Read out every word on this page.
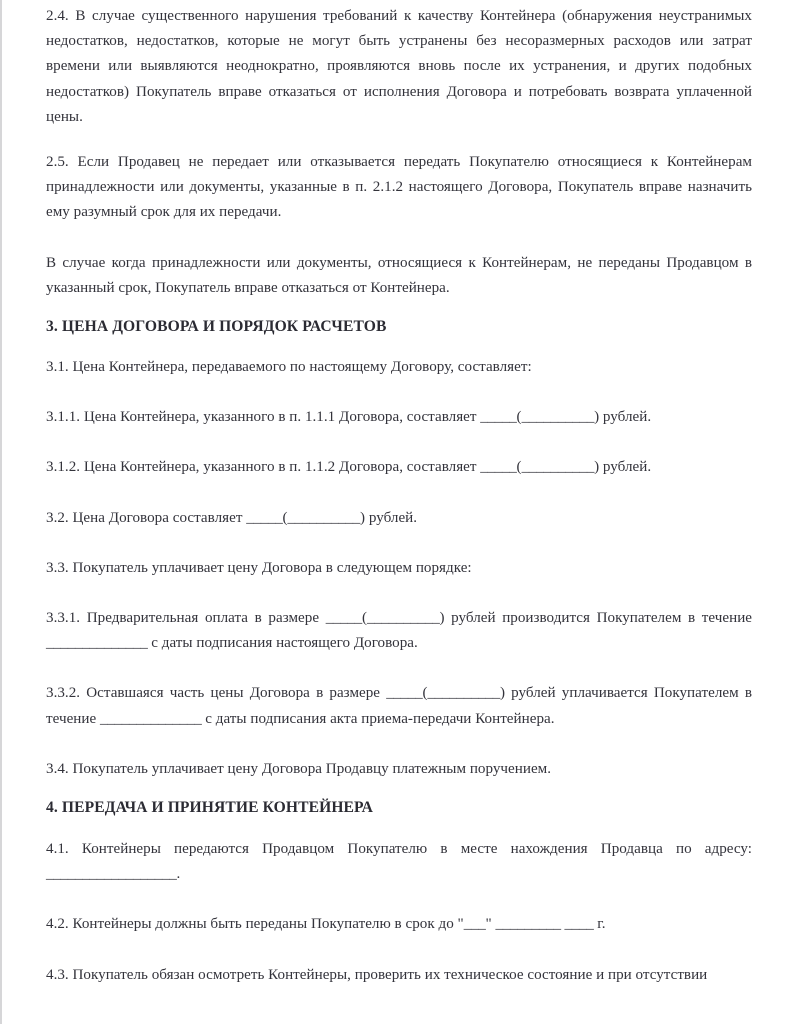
2.4. В случае существенного нарушения требований к качеству Контейнера (обнаружения неустранимых недостатков, недостатков, которые не могут быть устранены без несоразмерных расходов или затрат времени или выявляются неоднократно, проявляются вновь после их устранения, и других подобных недостатков) Покупатель вправе отказаться от исполнения Договора и потребовать возврата уплаченной цены.

2.5. Если Продавец не передает или отказывается передать Покупателю относящиеся к Контейнерам принадлежности или документы, указанные в п. 2.1.2 настоящего Договора, Покупатель вправе назначить ему разумный срок для их передачи.

В случае когда принадлежности или документы, относящиеся к Контейнерам, не переданы Продавцом в указанный срок, Покупатель вправе отказаться от Контейнера.

3. ЦЕНА ДОГОВОРА И ПОРЯДОК РАСЧЕТОВ

3.1. Цена Контейнера, передаваемого по настоящему Договору, составляет:

3.1.1. Цена Контейнера, указанного в п. 1.1.1 Договора, составляет _____(__________) рублей.

3.1.2. Цена Контейнера, указанного в п. 1.1.2 Договора, составляет _____(__________) рублей.

3.2. Цена Договора составляет _____(__________) рублей.

3.3. Покупатель уплачивает цену Договора в следующем порядке:

3.3.1. Предварительная оплата в размере _____(__________) рублей производится Покупателем в течение ______________ с даты подписания настоящего Договора.

3.3.2. Оставшаяся часть цены Договора в размере _____(__________) рублей уплачивается Покупателем в течение ______________ с даты подписания акта приема-передачи Контейнера.

3.4. Покупатель уплачивает цену Договора Продавцу платежным поручением.

4. ПЕРЕДАЧА И ПРИНЯТИЕ КОНТЕЙНЕРА

4.1. Контейнеры передаются Продавцом Покупателю в месте нахождения Продавца по адресу: __________________.

4.2. Контейнеры должны быть переданы Покупателю в срок до "___" _________ ____ г.

4.3. Покупатель обязан осмотреть Контейнеры, проверить их техническое состояние и при отсутствии
